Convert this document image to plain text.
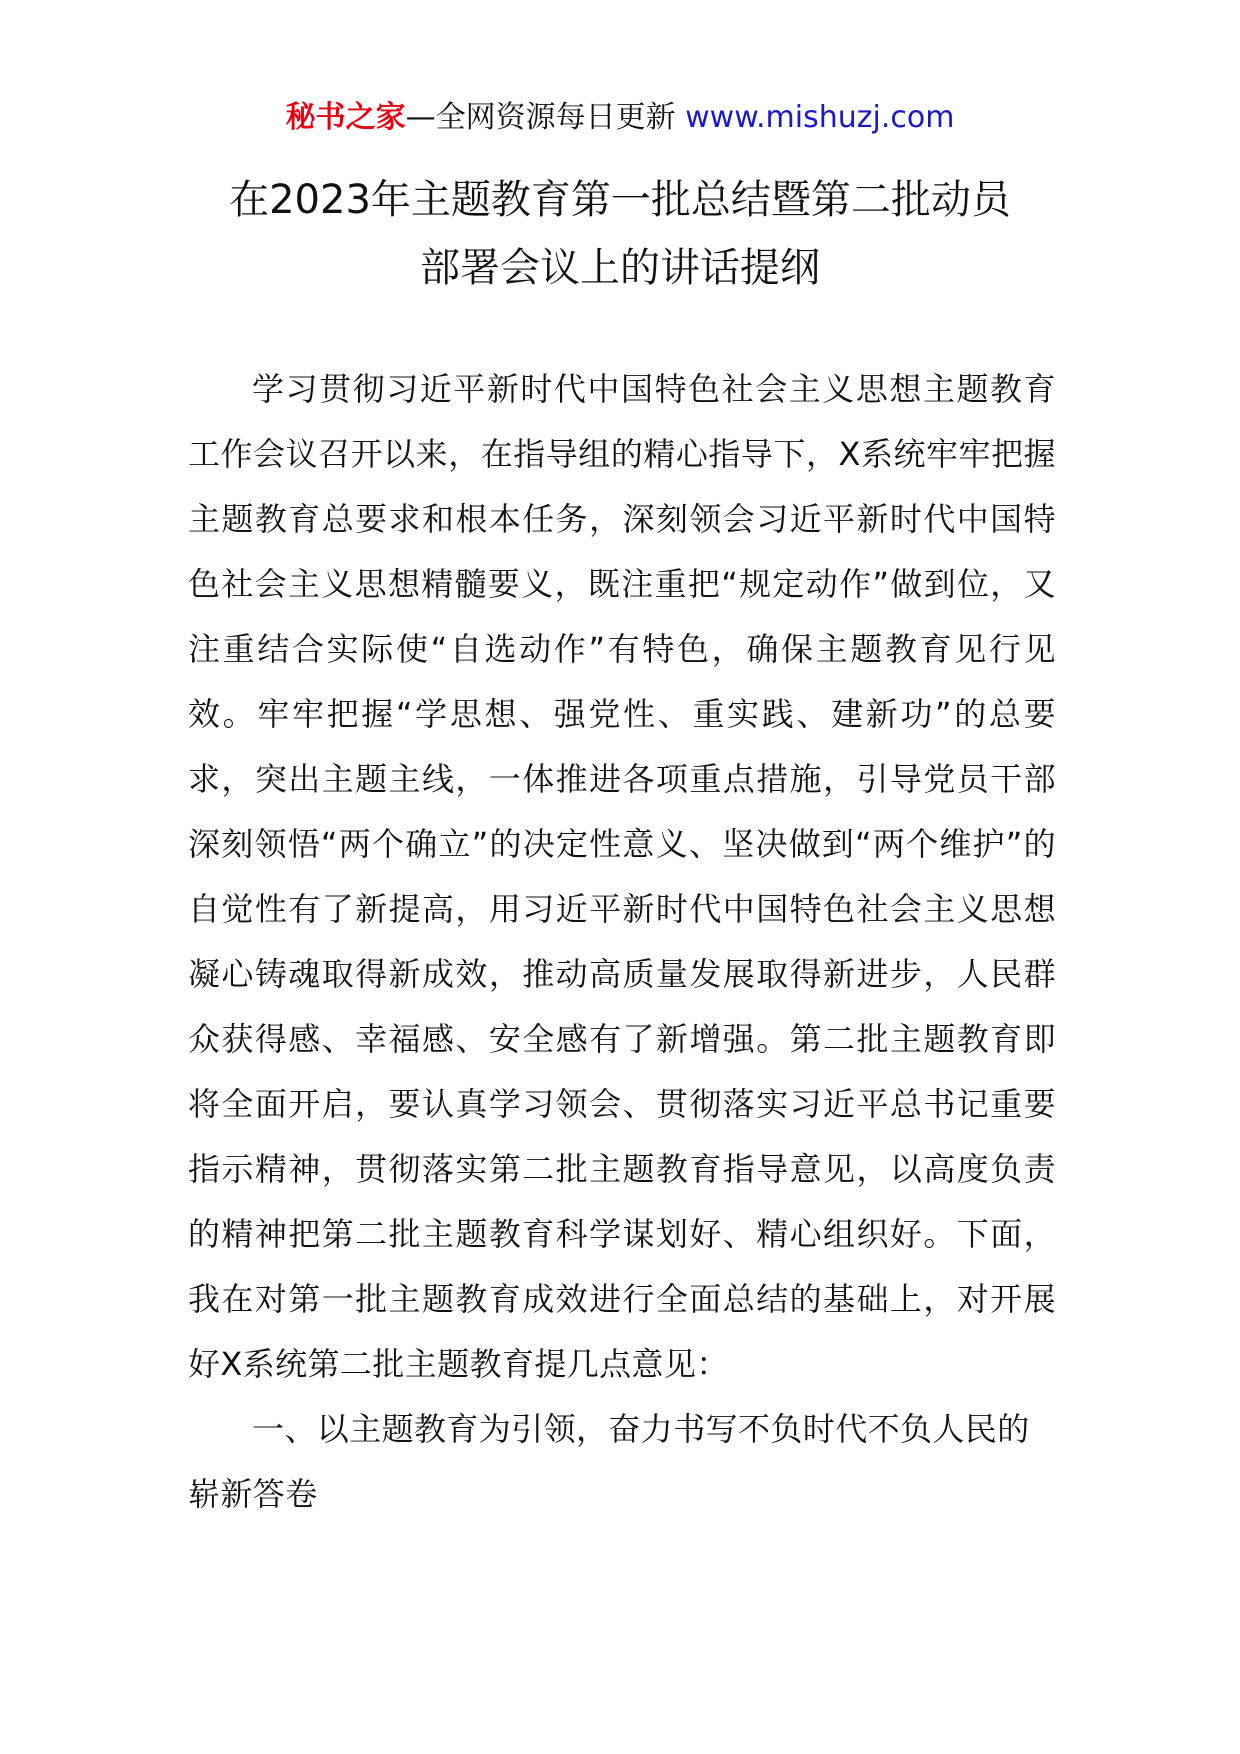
秘书之家—全网资源每日更新 www.mishuzj.com
在2023年主题教育第一批总结暨第二批动员
部署会议上的讲话提纲

学习贯彻习近平新时代中国特色社会主义思想主题教育工作会议召开以来，在指导组的精心指导下，X系统牢牢把握主题教育总要求和根本任务，深刻领会习近平新时代中国特色社会主义思想精髓要义，既注重把“规定动作”做到位，又注重结合实际使“自选动作”有特色，确保主题教育见行见效。牢牢把握“学思想、强党性、重实践、建新功”的总要求，突出主题主线，一体推进各项重点措施，引导党员干部深刻领悟“两个确立”的决定性意义、坚决做到“两个维护”的自觉性有了新提高，用习近平新时代中国特色社会主义思想凝心铸魂取得新成效，推动高质量发展取得新进步，人民群众获得感、幸福感、安全感有了新增强。第二批主题教育即将全面开启，要认真学习领会、贯彻落实习近平总书记重要指示精神，贯彻落实第二批主题教育指导意见，以高度负责的精神把第二批主题教育科学谋划好、精心组织好。下面，我在对第一批主题教育成效进行全面总结的基础上，对开展好X系统第二批主题教育提几点意见：

一、以主题教育为引领，奋力书写不负时代不负人民的崭新答卷
